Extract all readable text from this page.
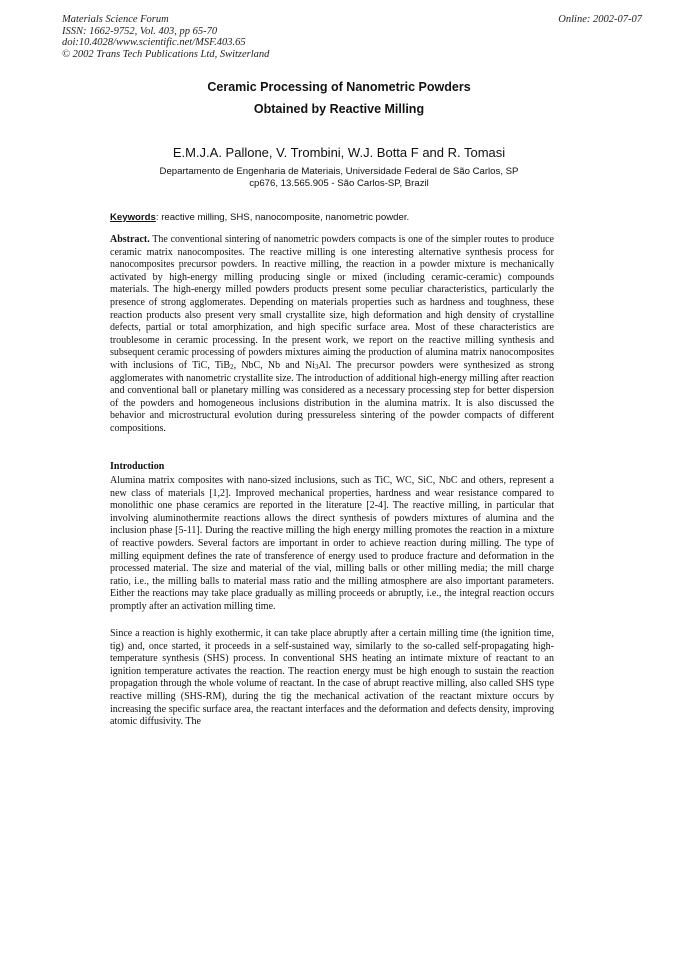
Materials Science Forum
ISSN: 1662-9752, Vol. 403, pp 65-70
doi:10.4028/www.scientific.net/MSF.403.65
© 2002 Trans Tech Publications Ltd, Switzerland
Online: 2002-07-07
Ceramic Processing of Nanometric Powders
Obtained by Reactive Milling
E.M.J.A. Pallone, V. Trombini, W.J. Botta F and R. Tomasi
Departamento de Engenharia de Materiais, Universidade Federal de São Carlos, SP
cp676, 13.565.905 - São Carlos-SP, Brazil
Keywords: reactive milling, SHS, nanocomposite, nanometric powder.
Abstract. The conventional sintering of nanometric powders compacts is one of the simpler routes to produce ceramic matrix nanocomposites. The reactive milling is one interesting alternative synthesis process for nanocomposites precursor powders. In reactive milling, the reaction in a powder mixture is mechanically activated by high-energy milling producing single or mixed (including ceramic-ceramic) compounds materials. The high-energy milled powders products present some peculiar characteristics, particularly the presence of strong agglomerates. Depending on materials properties such as hardness and toughness, these reaction products also present very small crystallite size, high deformation and high density of crystalline defects, partial or total amorphization, and high specific surface area. Most of these characteristics are troublesome in ceramic processing. In the present work, we report on the reactive milling synthesis and subsequent ceramic processing of powders mixtures aiming the production of alumina matrix nanocomposites with inclusions of TiC, TiB$_2$, NbC, Nb and $Ni_3Al$. The precursor powders were synthesized as strong agglomerates with nanometric crystallite size. The introduction of additional high-energy milling after reaction and conventional ball or planetary milling was considered as a necessary processing step for better dispersion of the powders and homogeneous inclusions distribution in the alumina matrix. It is also discussed the behavior and microstructural evolution during pressureless sintering of the powder compacts of different compositions.
Introduction
Alumina matrix composites with nano-sized inclusions, such as TiC, WC, SiC, NbC and others, represent a new class of materials [1,2]. Improved mechanical properties, hardness and wear resistance compared to monolithic one phase ceramics are reported in the literature [2-4]. The reactive milling, in particular that involving aluminothermite reactions allows the direct synthesis of powders mixtures of alumina and the inclusion phase [5-11]. During the reactive milling the high energy milling promotes the reaction in a mixture of reactive powders. Several factors are important in order to achieve reaction during milling. The type of milling equipment defines the rate of transference of energy used to produce fracture and deformation in the processed material. The size and material of the vial, milling balls or other milling media; the mill charge ratio, i.e., the milling balls to material mass ratio and the milling atmosphere are also important parameters. Either the reactions may take place gradually as milling proceeds or abruptly, i.e., the integral reaction occurs promptly after an activation milling time.
Since a reaction is highly exothermic, it can take place abruptly after a certain milling time (the ignition time, tig) and, once started, it proceeds in a self-sustained way, similarly to the so-called self-propagating high-temperature synthesis (SHS) process. In conventional SHS heating an intimate mixture of reactant to an ignition temperature activates the reaction. The reaction energy must be high enough to sustain the reaction propagation through the whole volume of reactant. In the case of abrupt reactive milling, also called SHS type reactive milling (SHS-RM), during the tig the mechanical activation of the reactant mixture occurs by increasing the specific surface area, the reactant interfaces and the deformation and defects density, improving atomic diffusivity. The
